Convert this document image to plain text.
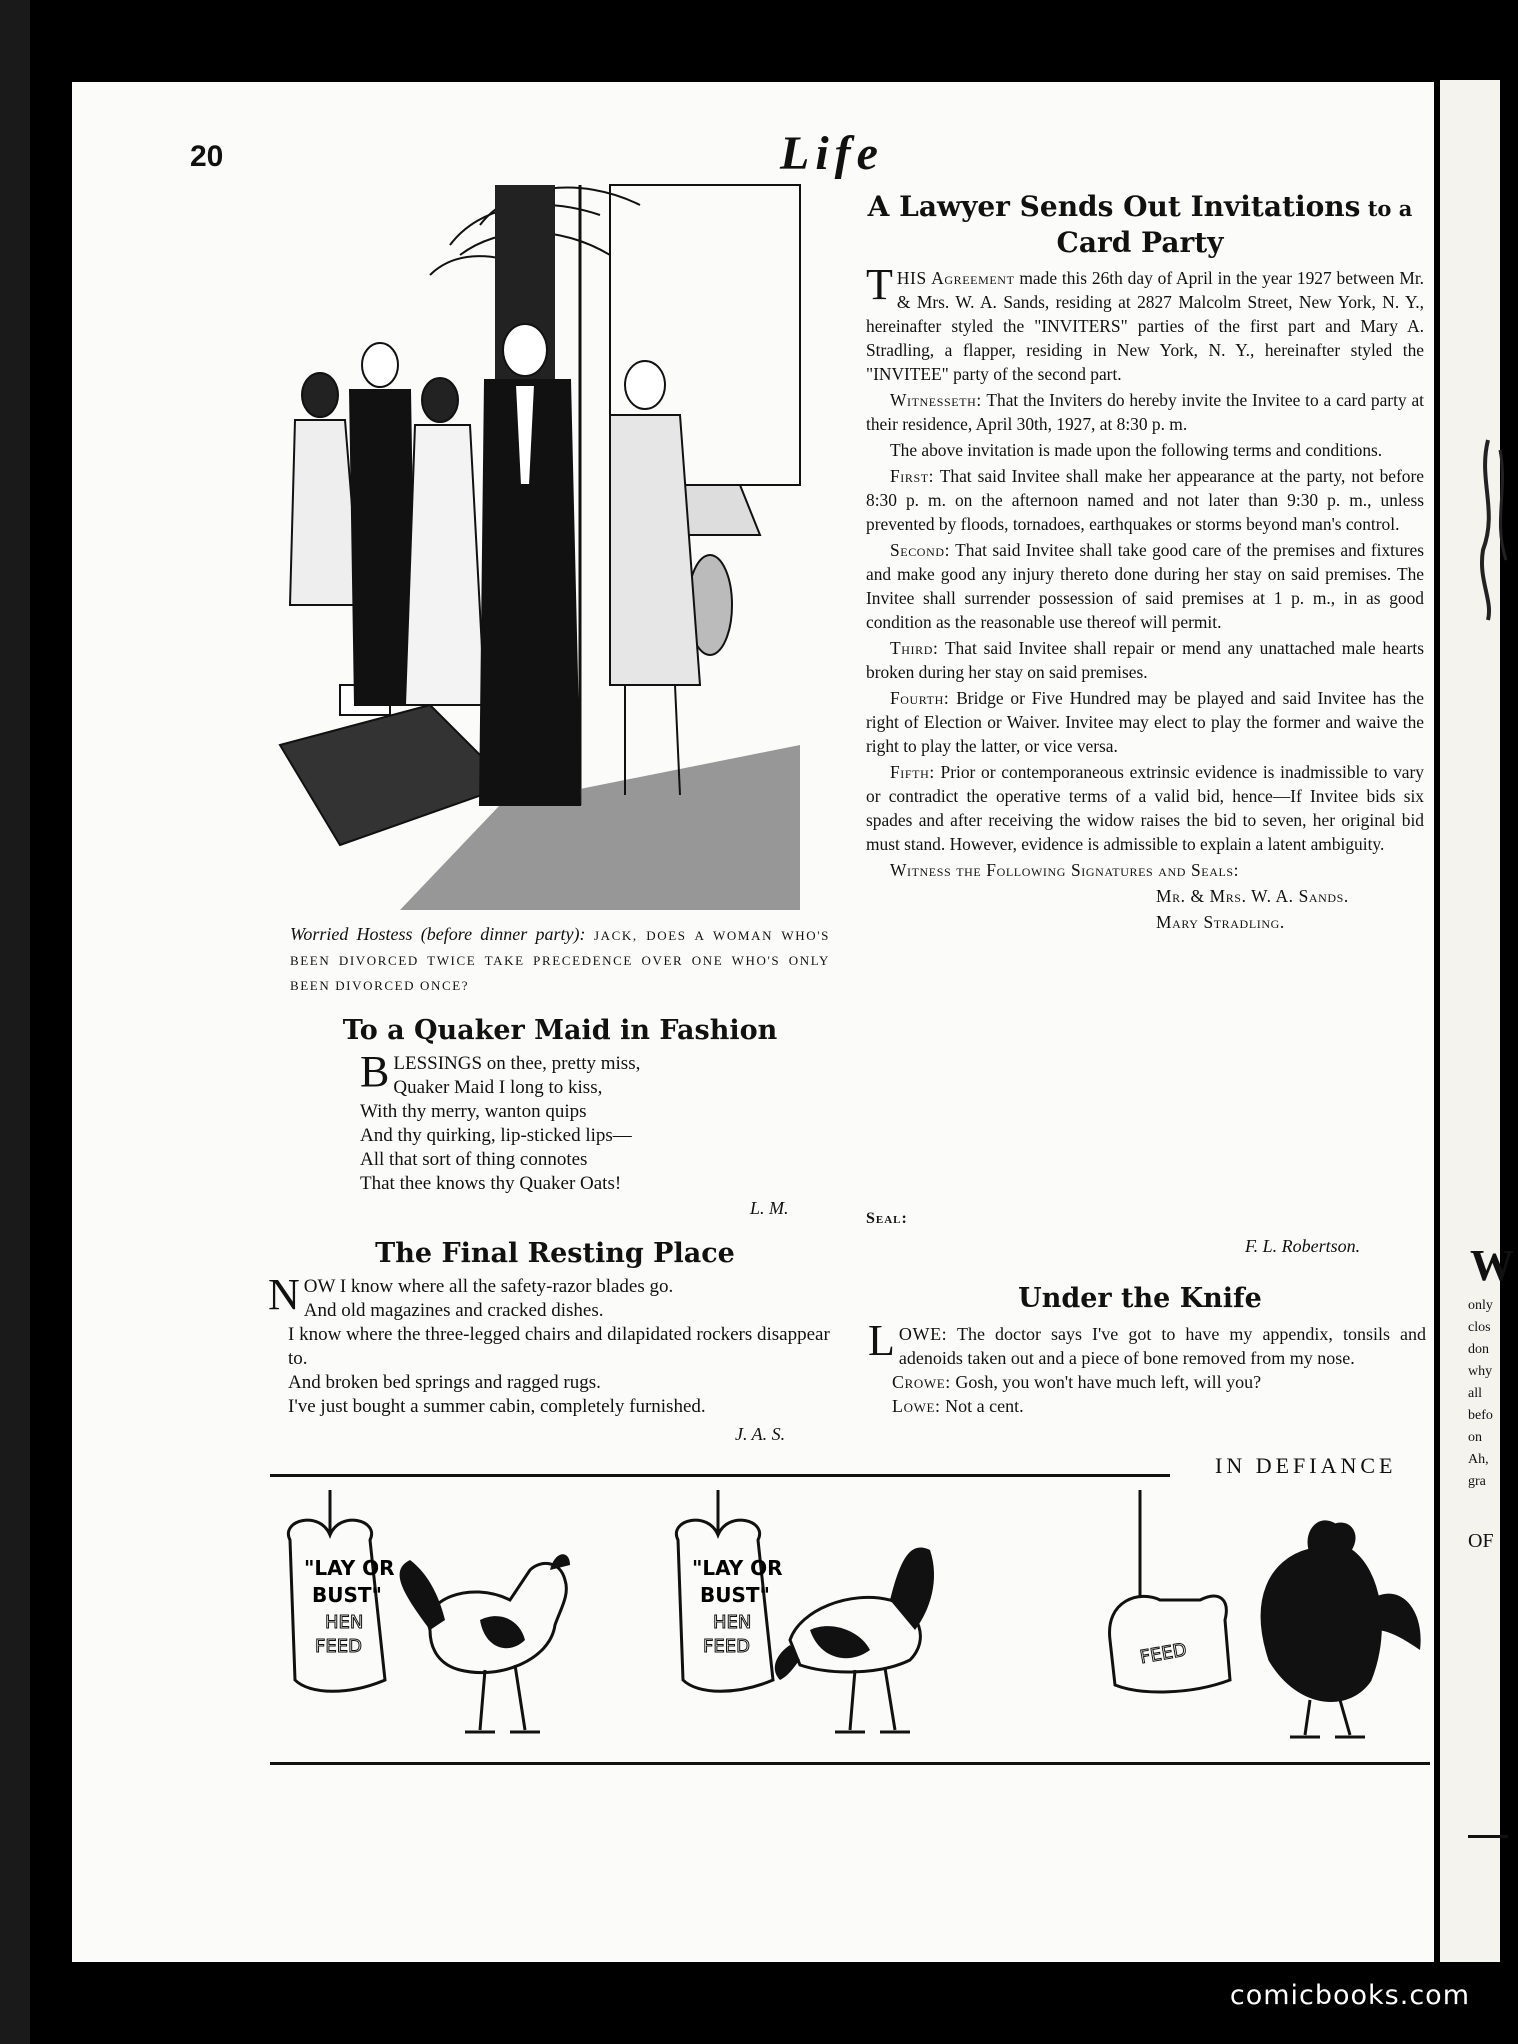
W
only
clos
don
why
all
befo
on
Ah,
gra
OF
20	Life
Worried Hostess (before dinner party): JACK, DOES A WOMAN WHO'S BEEN DIVORCED TWICE TAKE PRECEDENCE OVER ONE WHO'S ONLY BEEN DIVORCED ONCE?
To a Quaker Maid in Fashion
B LESSINGS on thee, pretty miss,
Quaker Maid I long to kiss,
With thy merry, wanton quips
And thy quirking, lip-sticked lips—
All that sort of thing connotes
That thee knows thy Quaker Oats!
L. M.
The Final Resting Place
N OW I know where all the safety-razor blades go.
And old magazines and cracked dishes.
I know where the three-legged chairs and dilapidated rockers disappear to.
And broken bed springs and ragged rugs.
I've just bought a summer cabin, completely furnished.
J. A. S.
A Lawyer Sends Out Invitations to a
Card Party

THIS Agreement made this 26th day of April in the year 1927 between Mr. & Mrs. W. A. Sands, residing at 2827 Malcolm Street, New York, N. Y., hereinafter styled the "INVITERS" parties of the first part and Mary A. Stradling, a flapper, residing in New York, N. Y., hereinafter styled the "INVITEE" party of the second part.

Witnesseth: That the Inviters do hereby invite the Invitee to a card party at their residence, April 30th, 1927, at 8:30 p. m.

The above invitation is made upon the following terms and conditions.

First: That said Invitee shall make her appearance at the party, not before 8:30 p. m. on the afternoon named and not later than 9:30 p. m., unless prevented by floods, tornadoes, earthquakes or storms beyond man's control.

Second: That said Invitee shall take good care of the premises and fixtures and make good any injury thereto done during her stay on said premises. The Invitee shall surrender possession of said premises at 1 p. m., in as good condition as the reasonable use thereof will permit.

Third: That said Invitee shall repair or mend any unattached male hearts broken during her stay on said premises.

Fourth: Bridge or Five Hundred may be played and said Invitee has the right of Election or Waiver. Invitee may elect to play the former and waive the right to play the latter, or vice versa.

Fifth: Prior or contemporaneous extrinsic evidence is inadmissible to vary or contradict the operative terms of a valid bid, hence—If Invitee bids six spades and after receiving the widow raises the bid to seven, her original bid must stand. However, evidence is admissible to explain a latent ambiguity.

Witness the Following Signatures and Seals:

Mr. & Mrs. W. A. Sands.

Mary Stradling.

Seal:
F. L. Robertson.
Under the Knife

LOWE: The doctor says I've got to have my appendix, tonsils and adenoids taken out and a piece of bone removed from my nose.

Crowe: Gosh, you won't have much left, will you?

Lowe: Not a cent.

IN DEFIANCE
"LAY OR
BUST"
HEN
FEED
"LAY OR
BUST"
HEN
FEED	FEED
comicbooks.com
